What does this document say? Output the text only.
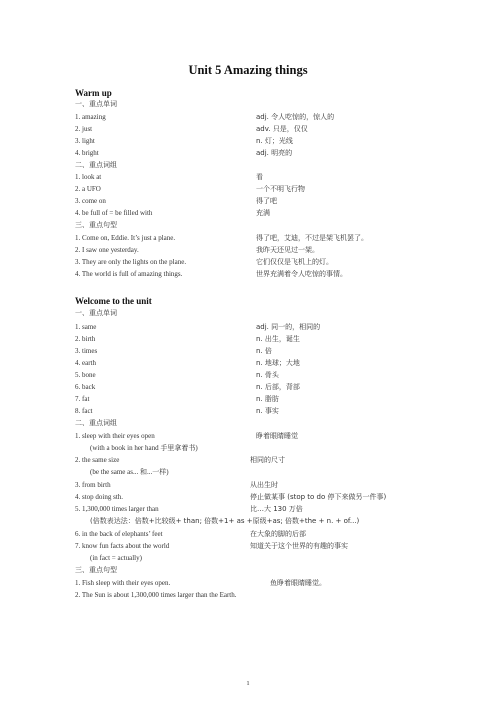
Unit 5 Amazing things
Warm up
一、重点单词
1. amazing	adj. 令人吃惊的，惊人的
2. just	adv. 只是，仅仅
3. light	n. 灯；光线
4. bright	adj. 明亮的
二、重点词组
1. look at	看
2. a UFO	一个不明飞行物
3. come on	得了吧
4. be full of = be filled with	充满
三、重点句型
1. Come on, Eddie. It’s just a plane.	得了吧，艾迪，不过是架飞机罢了。
2. I saw one yesterday.	我昨天还见过一架。
3. They are only the lights on the plane.	它们仅仅是飞机上的灯。
4. The world is full of amazing things.	世界充满着令人吃惊的事情。
Welcome to the unit
一、重点单词
1. same	adj. 同一的，相同的
2. birth	n. 出生，诞生
3. times	n. 倍
4. earth	n. 地球；大地
5. bone	n. 骨头
6. back	n. 后部，背部
7. fat	n. 脂肪
8. fact	n. 事实
二、重点词组
1. sleep with their eyes open	睁着眼睛睡觉
(with a book in her hand 手里拿着书)
2. the same size	相同的尺寸
(be the same as... 和...一样)
3. from birth	从出生时
4. stop doing sth.	停止做某事 (stop to do 停下来做另一件事)
5. 1,300,000 times larger than	比…大 130 万倍
(倍数表达法：倍数+比较级+ than; 倍数+1+ as +原级+as; 倍数+the + n. + of...)
6. in the back of elephants’ feet	在大象的脚的后部
7. know fun facts about the world	知道关于这个世界的有趣的事实
(in fact = actually)
三、重点句型
1. Fish sleep with their eyes open.	鱼睁着眼睛睡觉。
2. The Sun is about 1,300,000 times larger than the Earth.
1
